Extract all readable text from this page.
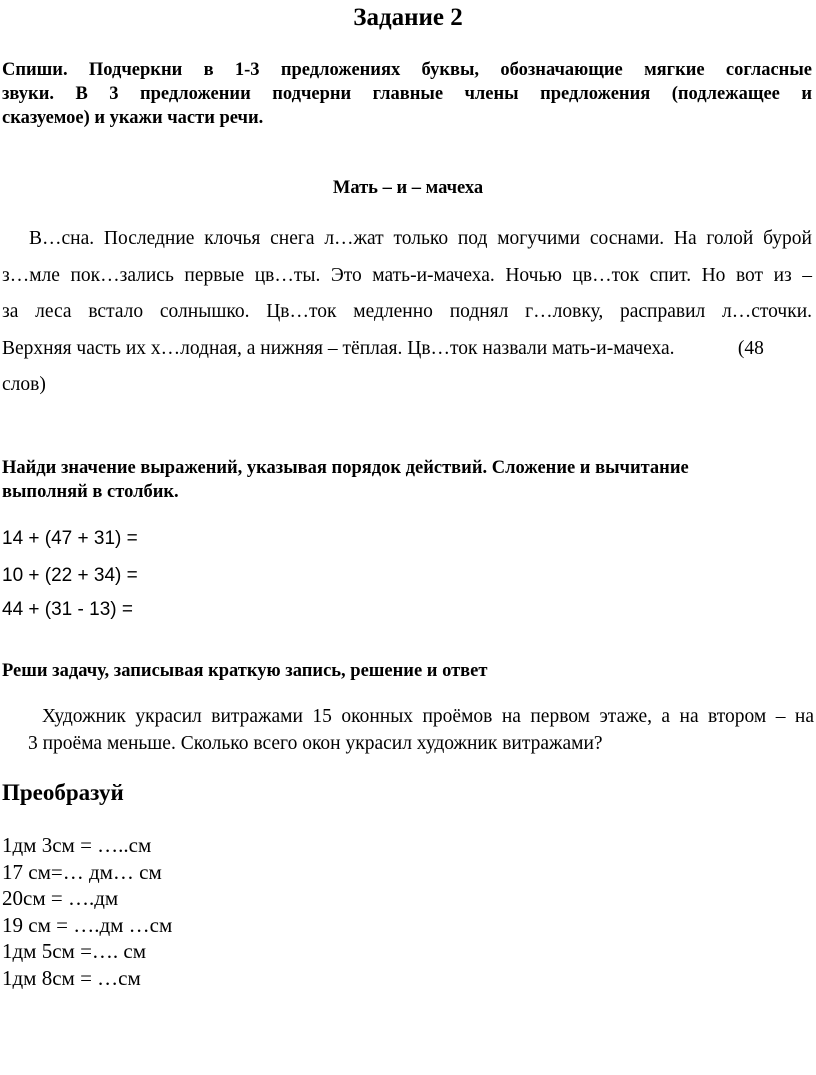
Задание 2
Спиши. Подчеркни в 1-3 предложениях буквы, обозначающие мягкие согласные
звуки. В 3 предложении подчерни главные члены предложения (подлежащее и
сказуемое) и укажи части речи.
Мать – и – мачеха
В…сна. Последние клочья снега л…жат только под могучими соснами. На голой бурой
з…мле пок…зались первые цв…ты. Это мать-и-мачеха. Ночью цв…ток спит. Но вот из –
за леса встало солнышко. Цв…ток медленно поднял г…ловку, расправил л…сточки.
Верхняя часть их х…лодная, а нижняя – тёплая. Цв…ток назвали мать-и-мачеха.             (48
слов)
Найди значение выражений, указывая порядок действий. Сложение и вычитание
выполняй в столбик.
14 + (47 + 31) =
10 + (22 + 34) =
44 + (31 - 13) =
Реши задачу, записывая краткую запись, решение и ответ
Художник украсил витражами 15 оконных проёмов на первом этаже, а на втором – на
3 проёма меньше. Сколько всего окон украсил художник витражами?
Преобразуй
1дм 3см = …..см
17 см=… дм… см
20см = ….дм
19 см = ….дм …см
1дм 5см =…. см
1дм 8см = …см
